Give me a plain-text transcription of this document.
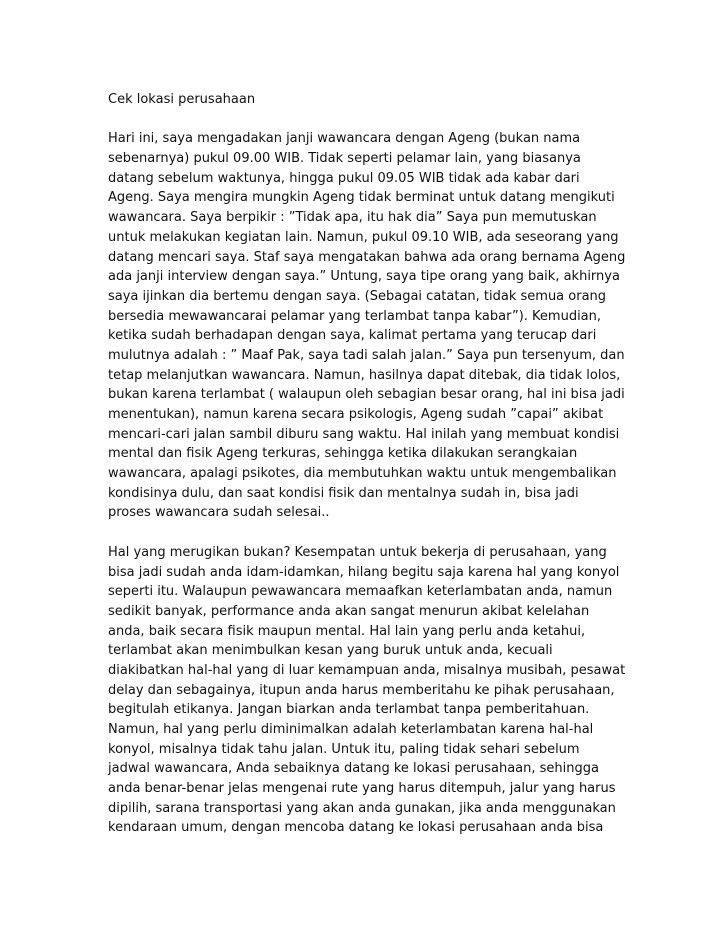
Cek lokasi perusahaan
Hari ini, saya mengadakan janji wawancara dengan Ageng (bukan nama
sebenarnya) pukul 09.00 WIB. Tidak seperti pelamar lain, yang biasanya
datang sebelum waktunya, hingga pukul 09.05 WIB tidak ada kabar dari
Ageng. Saya mengira mungkin Ageng tidak berminat untuk datang mengikuti
wawancara. Saya berpikir : ”Tidak apa, itu hak dia” Saya pun memutuskan
untuk melakukan kegiatan lain. Namun, pukul 09.10 WIB, ada seseorang yang
datang mencari saya. Staf saya mengatakan bahwa ada orang bernama Ageng
ada janji interview dengan saya.” Untung, saya tipe orang yang baik, akhirnya
saya ijinkan dia bertemu dengan saya. (Sebagai catatan, tidak semua orang
bersedia mewawancarai pelamar yang terlambat tanpa kabar”). Kemudian,
ketika sudah berhadapan dengan saya, kalimat pertama yang terucap dari
mulutnya adalah : ” Maaf Pak, saya tadi salah jalan.” Saya pun tersenyum, dan
tetap melanjutkan wawancara. Namun, hasilnya dapat ditebak, dia tidak lolos,
bukan karena terlambat ( walaupun oleh sebagian besar orang, hal ini bisa jadi
menentukan), namun karena secara psikologis, Ageng sudah ”capai” akibat
mencari-cari jalan sambil diburu sang waktu. Hal inilah yang membuat kondisi
mental dan fisik Ageng terkuras, sehingga ketika dilakukan serangkaian
wawancara, apalagi psikotes, dia membutuhkan waktu untuk mengembalikan
kondisinya dulu, dan saat kondisi fisik dan mentalnya sudah in, bisa jadi
proses wawancara sudah selesai..
Hal yang merugikan bukan? Kesempatan untuk bekerja di perusahaan, yang
bisa jadi sudah anda idam-idamkan, hilang begitu saja karena hal yang konyol
seperti itu. Walaupun pewawancara memaafkan keterlambatan anda, namun
sedikit banyak, performance anda akan sangat menurun akibat kelelahan
anda, baik secara fisik maupun mental. Hal lain yang perlu anda ketahui,
terlambat akan menimbulkan kesan yang buruk untuk anda, kecuali
diakibatkan hal-hal yang di luar kemampuan anda, misalnya musibah, pesawat
delay dan sebagainya, itupun anda harus memberitahu ke pihak perusahaan,
begitulah etikanya. Jangan biarkan anda terlambat tanpa pemberitahuan.
Namun, hal yang perlu diminimalkan adalah keterlambatan karena hal-hal
konyol, misalnya tidak tahu jalan. Untuk itu, paling tidak sehari sebelum
jadwal wawancara, Anda sebaiknya datang ke lokasi perusahaan, sehingga
anda benar-benar jelas mengenai rute yang harus ditempuh, jalur yang harus
dipilih, sarana transportasi yang akan anda gunakan, jika anda menggunakan
kendaraan umum, dengan mencoba datang ke lokasi perusahaan anda bisa
